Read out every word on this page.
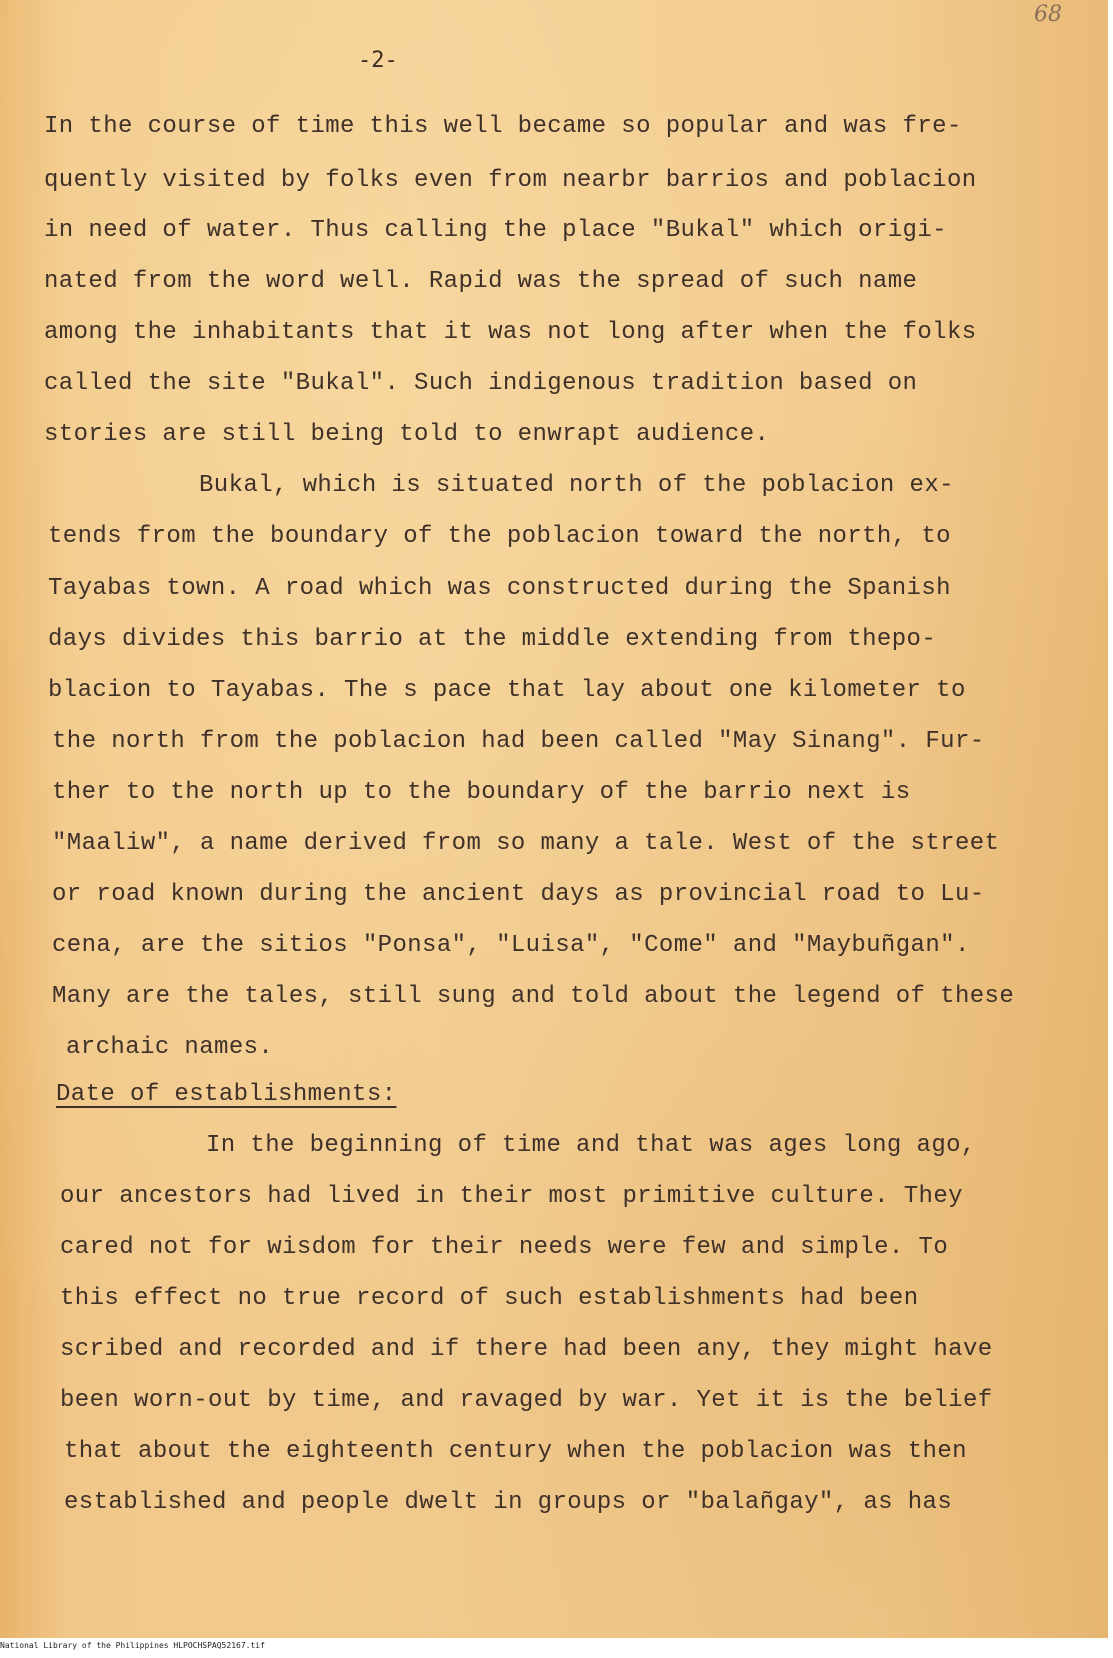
68
-2-
In the course of time this well became so popular and was fre-
quently visited by folks even from nearbr barrios and poblacion
in need of water. Thus calling the place "Bukal" which origi-
nated from the word well. Rapid was the spread of such name
among the inhabitants that it was not long after when the folks
called the site "Bukal". Such indigenous tradition based on
stories are still being told to enwrapt audience.
Bukal, which is situated north of the poblacion ex-
tends from the boundary of the poblacion toward the north, to
Tayabas town. A road which was constructed during the Spanish
days divides this barrio at the middle extending from thepo-
blacion to Tayabas. The s pace that lay about one kilometer to
the north from the poblacion had been called "May Sinang". Fur-
ther to the north up to the boundary of the barrio next is
"Maaliw", a name derived from so many a tale. West of the street
or road known during the ancient days as provincial road to Lu-
cena, are the sitios "Ponsa", "Luisa", "Come" and "Maybuñgan".
Many are the tales, still sung and told about the legend of these
archaic names.
Date of establishments:
In the beginning of time and that was ages long ago,
our ancestors had lived in their most primitive culture. They
cared not for wisdom for their needs were few and simple. To
this effect no true record of such establishments had been
scribed and recorded and if there had been any, they might have
been worn-out by time, and ravaged by war. Yet it is the belief
that about the eighteenth century when the poblacion was then
established and people dwelt in groups or "balañgay", as has
National Library of the Philippines HLPOCHSPAQ52167.tif
